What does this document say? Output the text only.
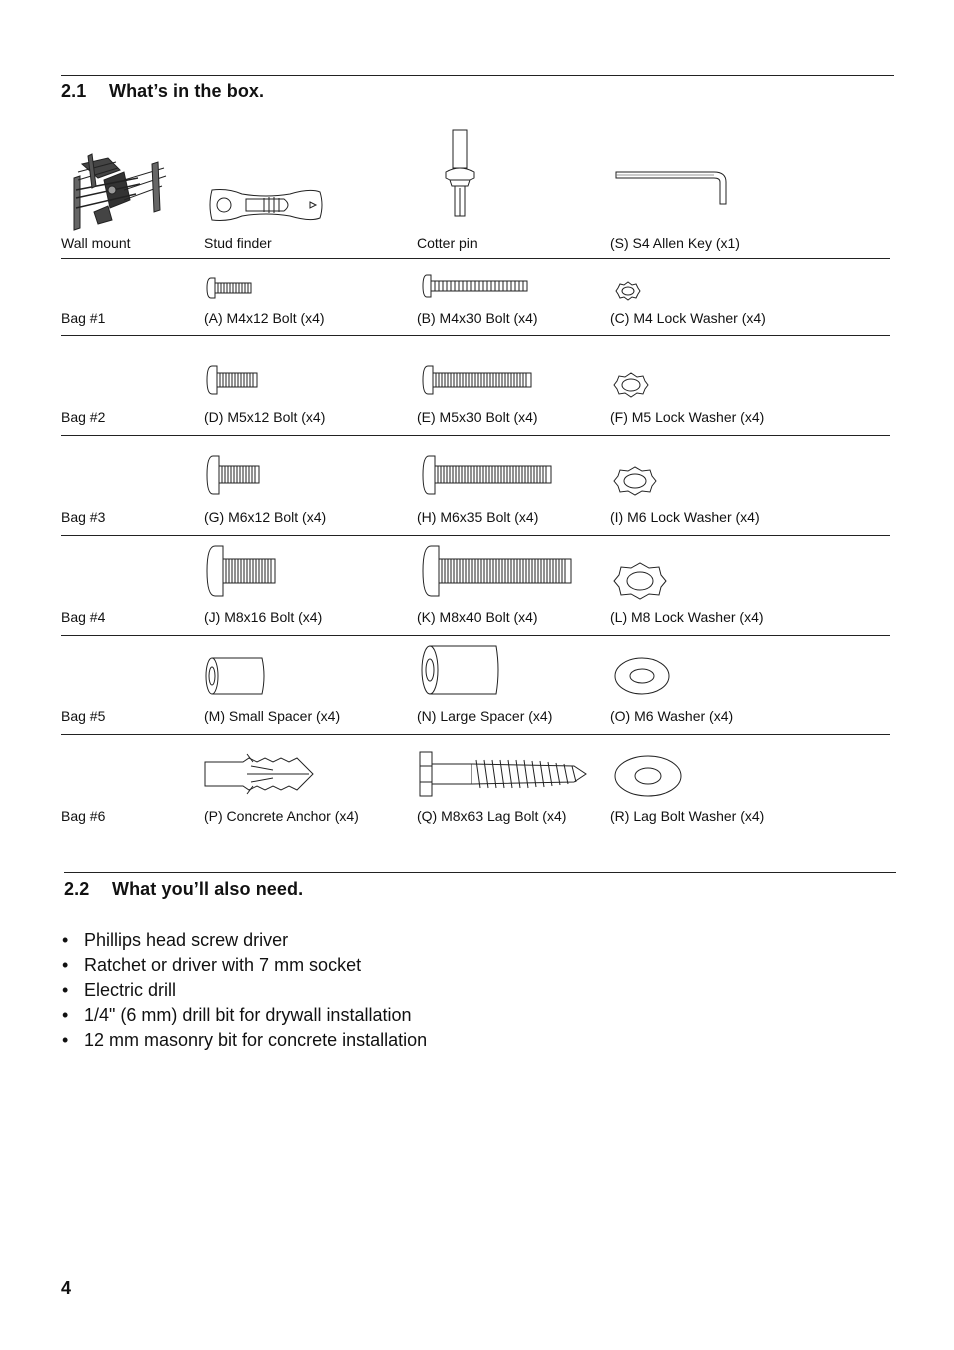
2.1 What’s in the box.
Wall mount	Stud finder	Cotter pin	(S) S4 Allen Key (x1)
Bag #1	(A) M4x12 Bolt (x4)	(B) M4x30 Bolt (x4)	(C) M4 Lock Washer (x4)
Bag #2	(D) M5x12 Bolt (x4)	(E) M5x30 Bolt (x4)	(F) M5 Lock Washer (x4)
Bag #3	(G) M6x12 Bolt (x4)	(H) M6x35 Bolt (x4)	(I) M6 Lock Washer (x4)
Bag #4	(J) M8x16 Bolt (x4)	(K) M8x40 Bolt (x4)	(L) M8 Lock Washer (x4)
Bag #5	(M) Small Spacer (x4)	(N) Large Spacer (x4)	(O) M6 Washer (x4)
Bag #6	(P) Concrete Anchor (x4)	(Q) M8x63 Lag Bolt (x4)	(R) Lag Bolt Washer (x4)
2.2 What you’ll also need.
• Phillips head screw driver
• Ratchet or driver with 7 mm socket
• Electric drill
• 1/4" (6 mm) drill bit for drywall installation
• 12 mm masonry bit for concrete installation
4
